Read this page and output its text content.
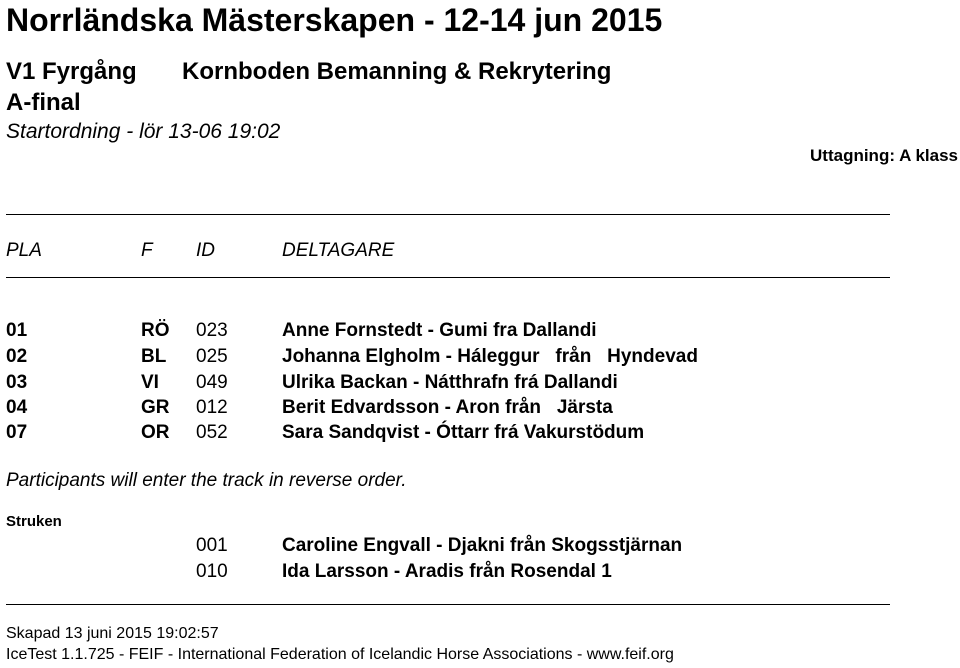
Norrländska Mästerskapen - 12-14 jun 2015
V1 Fyrgång Kornboden Bemanning & Rekrytering
A-final
Startordning - lör 13-06 19:02
Uttagning: A klass
PLA	F ID	DELTAGARE
01	RÖ 023	Anne Fornstedt - Gumi fra Dallandi
02	BL 025	Johanna Elgholm - Háleggur   från   Hyndevad
03	VI 049	Ulrika Backan - Nátthrafn frá Dallandi
04	GR 012	Berit Edvardsson - Aron från   Järsta
07	OR 052	Sara Sandqvist - Óttarr frá Vakurstödum
Participants will enter the track in reverse order.
Struken
001	Caroline Engvall - Djakni från Skogsstjärnan
010	Ida Larsson - Aradis från Rosendal 1
Skapad 13 juni 2015 19:02:57
IceTest 1.1.725 - FEIF - International Federation of Icelandic Horse Associations - www.feif.org
